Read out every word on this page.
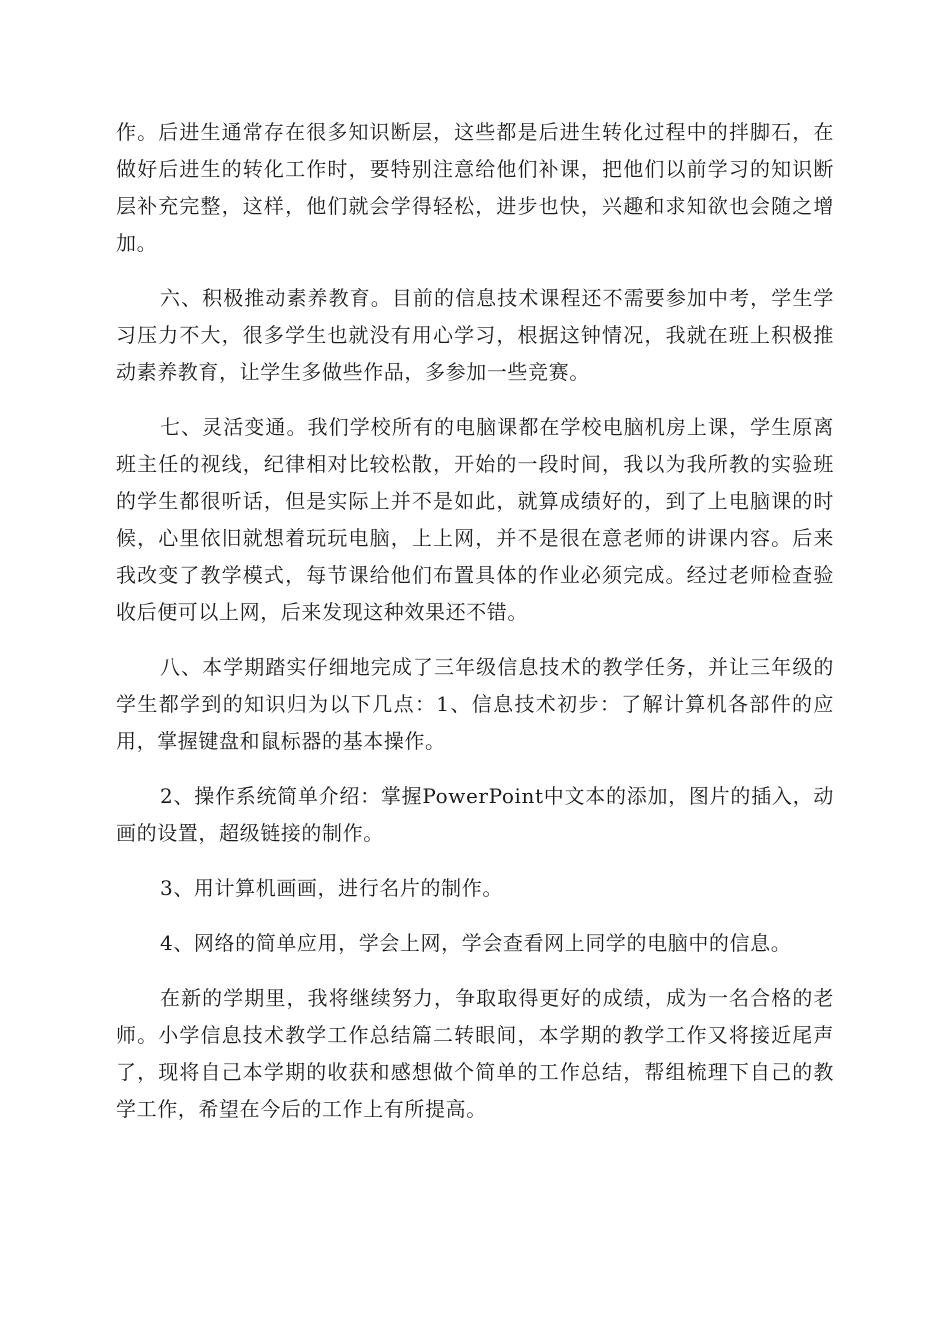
作。后进生通常存在很多知识断层，这些都是后进生转化过程中的拌脚石，在做好后进生的转化工作时，要特别注意给他们补课，把他们以前学习的知识断层补充完整，这样，他们就会学得轻松，进步也快，兴趣和求知欲也会随之增加。

六、积极推动素养教育。目前的信息技术课程还不需要参加中考，学生学习压力不大，很多学生也就没有用心学习，根据这钟情况，我就在班上积极推动素养教育，让学生多做些作品，多参加一些竞赛。

七、灵活变通。我们学校所有的电脑课都在学校电脑机房上课，学生原离班主任的视线，纪律相对比较松散，开始的一段时间，我以为我所教的实验班的学生都很听话，但是实际上并不是如此，就算成绩好的，到了上电脑课的时候，心里依旧就想着玩玩电脑，上上网，并不是很在意老师的讲课内容。后来我改变了教学模式，每节课给他们布置具体的作业必须完成。经过老师检查验收后便可以上网，后来发现这种效果还不错。

八、本学期踏实仔细地完成了三年级信息技术的教学任务，并让三年级的学生都学到的知识归为以下几点：1、信息技术初步：了解计算机各部件的应用，掌握键盘和鼠标器的基本操作。

2、操作系统简单介绍：掌握PowerPoint中文本的添加，图片的插入，动画的设置，超级链接的制作。

3、用计算机画画，进行名片的制作。

4、网络的简单应用，学会上网，学会查看网上同学的电脑中的信息。

在新的学期里，我将继续努力，争取取得更好的成绩，成为一名合格的老师。小学信息技术教学工作总结篇二转眼间，本学期的教学工作又将接近尾声了，现将自己本学期的收获和感想做个简单的工作总结，帮组梳理下自己的教学工作，希望在今后的工作上有所提高。
